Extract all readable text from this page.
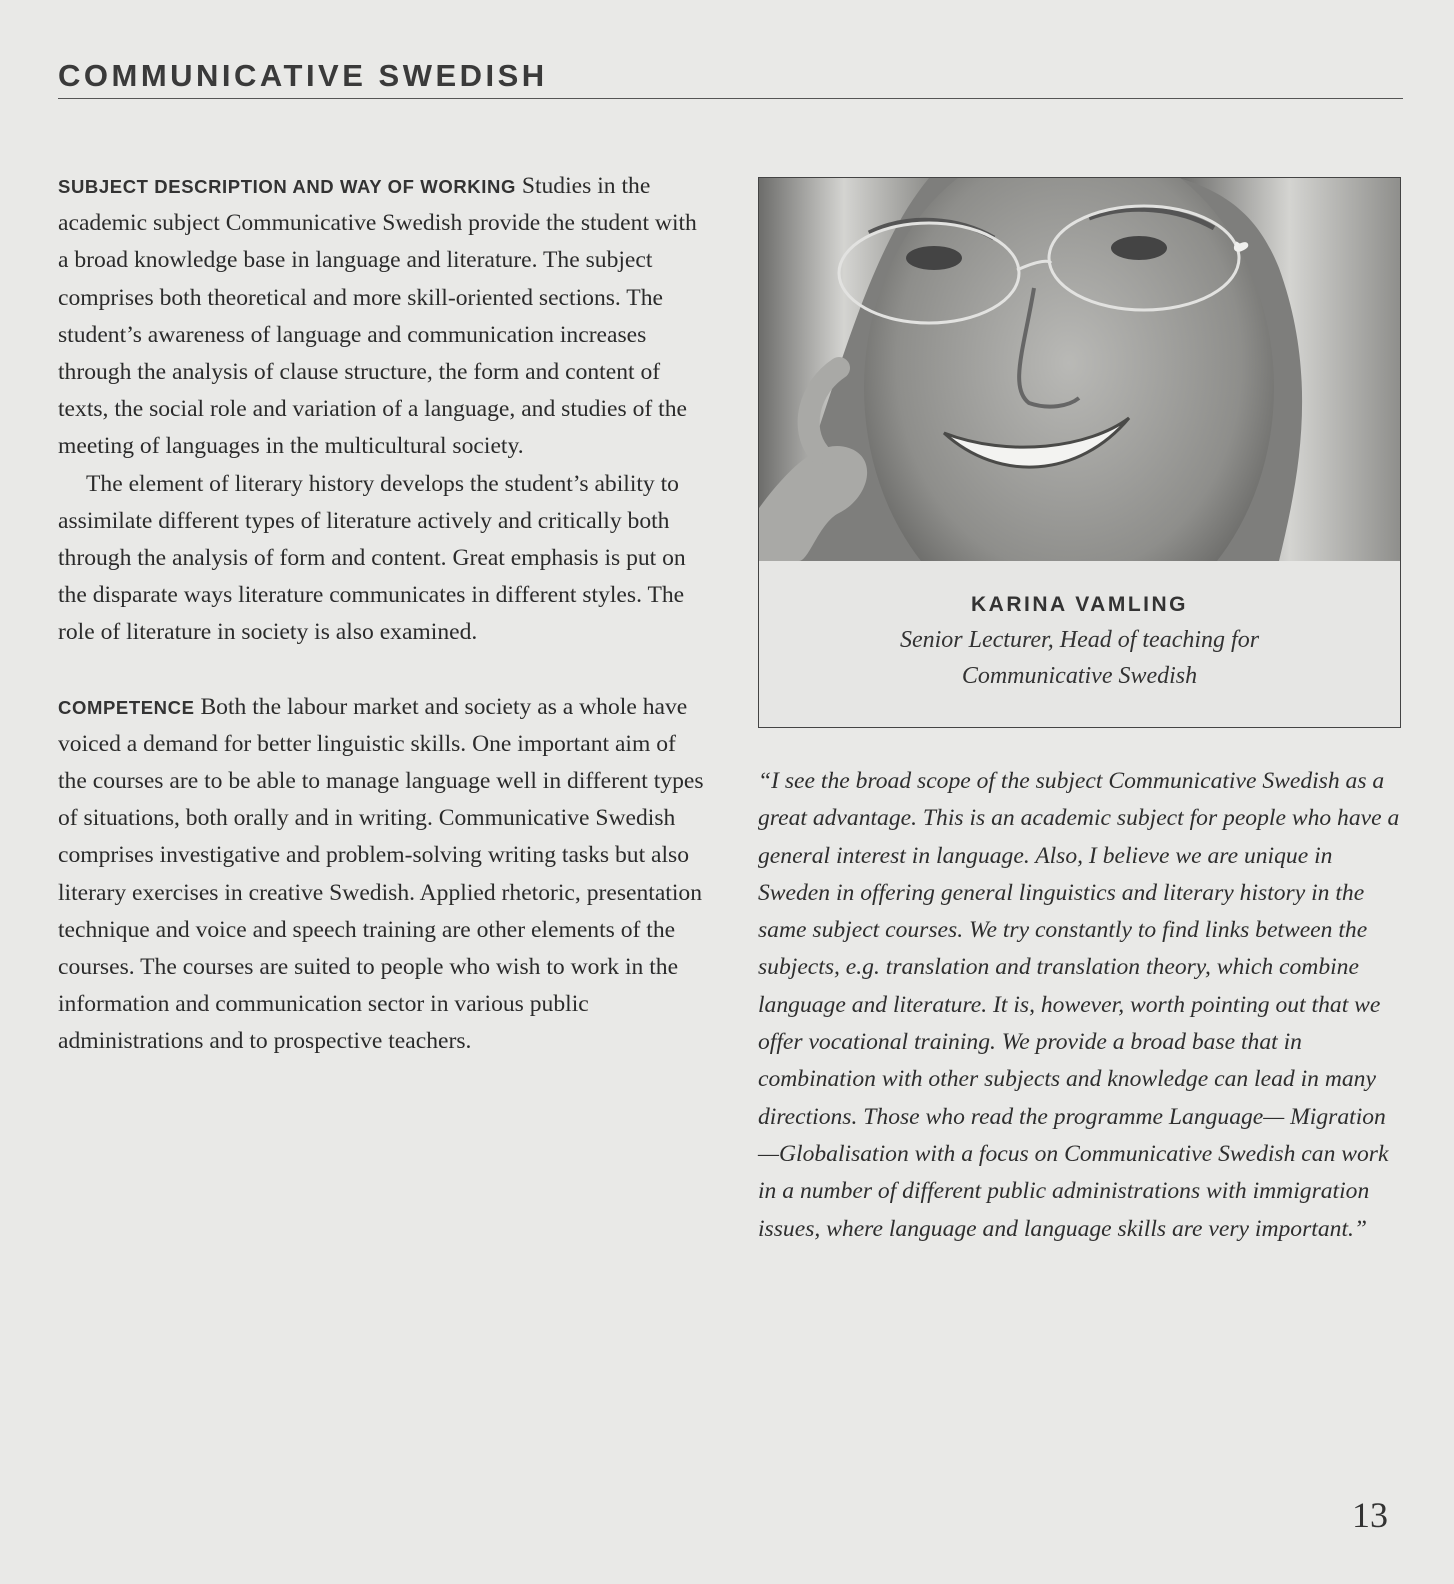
COMMUNICATIVE SWEDISH

SUBJECT DESCRIPTION AND WAY OF WORKING Studies in the academic subject Communicative Swedish provide the student with a broad knowledge base in language and literature. The subject comprises both theoretical and more skill-oriented sections. The student’s awareness of language and communication increases through the analysis of clause structure, the form and content of texts, the social role and variation of a language, and studies of the meeting of languages in the multicultural society.

The element of literary history develops the student’s ability to assimilate different types of literature actively and critically both through the analysis of form and content. Great emphasis is put on the disparate ways literature communicates in different styles. The role of literature in society is also examined.

COMPETENCE Both the labour market and society as a whole have voiced a demand for better linguistic skills. One important aim of the courses are to be able to manage language well in different types of situations, both orally and in writing. Communicative Swedish comprises investigative and problem-solving writing tasks but also literary exercises in creative Swedish. Applied rhetoric, presentation technique and voice and speech training are other elements of the courses. The courses are suited to people who wish to work in the information and communication sector in various public administrations and to prospective teachers.

KARINA VAMLING
Senior Lecturer, Head of teaching for
Communicative Swedish

“I see the broad scope of the subject Communicative Swedish as a great advantage. This is an academic subject for people who have a general interest in language. Also, I believe we are unique in Sweden in offering general linguistics and literary history in the same subject courses. We try constantly to find links between the subjects, e.g. translation and translation theory, which combine language and literature. It is, however, worth pointing out that we offer vocational training. We provide a broad base that in combination with other subjects and knowledge can lead in many directions. Those who read the programme Language— Migration—Globalisation with a focus on Communicative Swedish can work in a number of different public administrations with immigration issues, where language and language skills are very important.”

13
